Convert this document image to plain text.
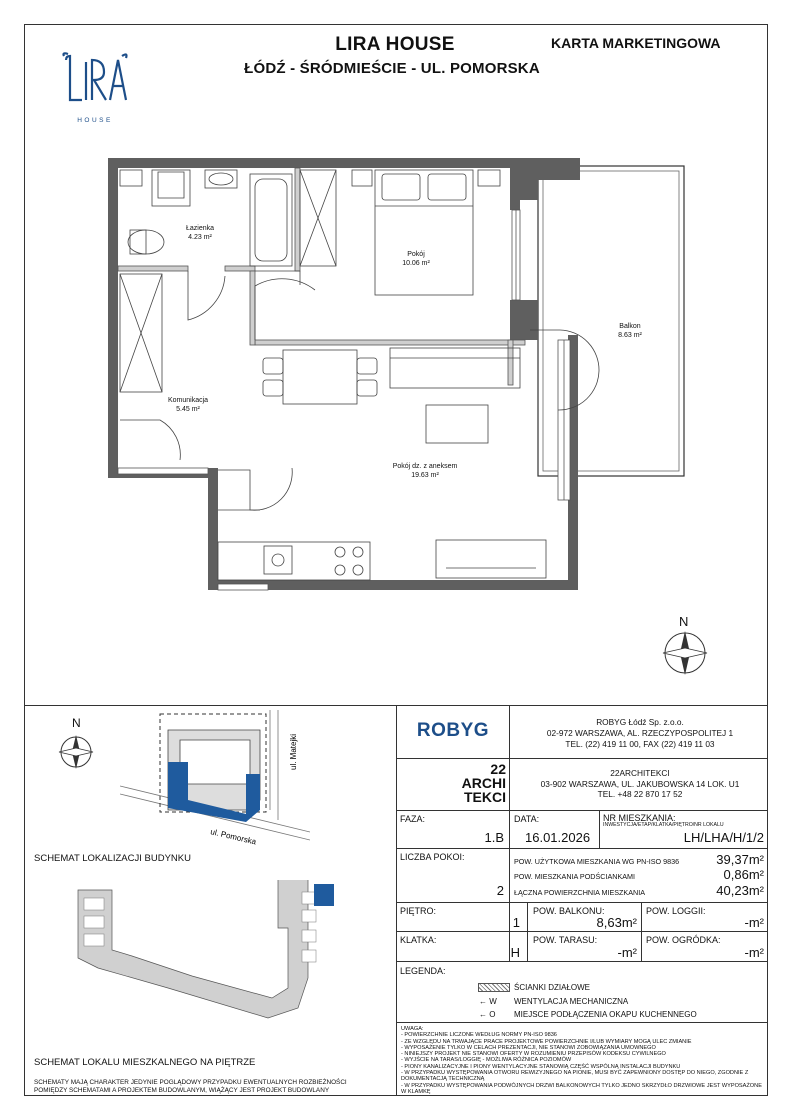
HOUSE
LIRA HOUSE
ŁÓDŹ - ŚRÓDMIEŚCIE - UL. POMORSKA
KARTA MARKETINGOWA
Łazienka
4.23 m²
Pokój
10.06 m²
Balkon
8.63 m²
Komunikacja
5.45 m²
Pokój dz. z aneksem
19.63 m²
N
N
ul. Matejki
ul. Pomorska
SCHEMAT LOKALIZACJI BUDYNKU
SCHEMAT LOKALU MIESZKALNEGO NA PIĘTRZE
SCHEMATY MAJĄ CHARAKTER JEDYNIE POGLĄDOWY PRZYPADKU EWENTUALNYCH ROZBIEŻNOŚCI POMIĘDZY SCHEMATAMI A PROJEKTEM BUDOWLANYM, WIĄŻĄCY JEST PROJEKT BUDOWLANY
ROBYG	ROBYG Łódź Sp. z.o.o.
02-972 WARSZAWA, AL. RZECZYPOSPOLITEJ 1
TEL. (22) 419 11 00, FAX (22) 419 11 03
22
ARCHI
TEKCI
22ARCHITEKCI
03-902 WARSZAWA, UL. JAKUBOWSKA 14 LOK. U1
TEL. +48 22 870 17 52
FAZA:
1.B
DATA:
16.01.2026
NR MIESZKANIA:
INWESTYCJA/ETAP/KLATKA/PIĘTRO/NR LOKALU
LH/LHA/H/1/2
LICZBA POKOI:
2
POW. UŻYTKOWA MIESZKANIA WG PN-ISO 9836	39,37m²
POW. MIESZKANIA PODŚCIANKAMI	0,86m²
ŁĄCZNA POWIERZCHNIA MIESZKANIA	40,23m²
PIĘTRO:
1
POW. BALKONU:
8,63m²
POW. LOGGII:
-m²
KLATKA:
H
POW. TARASU:
-m²
POW. OGRÓDKA:
-m²
LEGENDA:
ŚCIANKI DZIAŁOWE
← W WENTYLACJA MECHANICZNA
← O MIEJSCE PODŁĄCZENIA OKAPU KUCHENNEGO
UWAGA:
- POWIERZCHNIE LICZONE WEDŁUG NORMY PN-ISO 9836
- ZE WZGLĘDU NA TRWAJĄCE PRACE PROJEKTOWE POWIERZCHNIE I/LUB WYMIARY MOGĄ ULEC ZMIANIE
- WYPOSAŻENIE TYLKO W CELACH PREZENTACJI, NIE STANOWI ZOBOWIĄZANIA UMOWNEGO
- NINIEJSZY PROJEKT NIE STANOWI OFERTY W ROZUMIENIU PRZEPISÓW KODEKSU CYWILNEGO
- WYJŚCIE NA TARAS/LOGGIĘ - MOŻLIWA RÓŻNICA POZIOMÓW
- PIONY KANALIZACYJNE I PIONY WENTYLACYJNE STANOWIĄ CZĘŚĆ WSPÓLNĄ INSTALACJI BUDYNKU
- W PRZYPADKU WYSTĘPOWANIA OTWORU REWIZYJNEGO NA PIONIE, MUSI BYĆ ZAPEWNIONY DOSTĘP DO NIEGO, ZGODNIE Z DOKUMENTACJĄ TECHNICZNĄ
- W PRZYPADKU WYSTĘPOWANIA PODWÓJNYCH DRZWI BALKONOWYCH TYLKO JEDNO SKRZYDŁO DRZWIOWE JEST WYPOSAŻONE W KLAMKĘ
